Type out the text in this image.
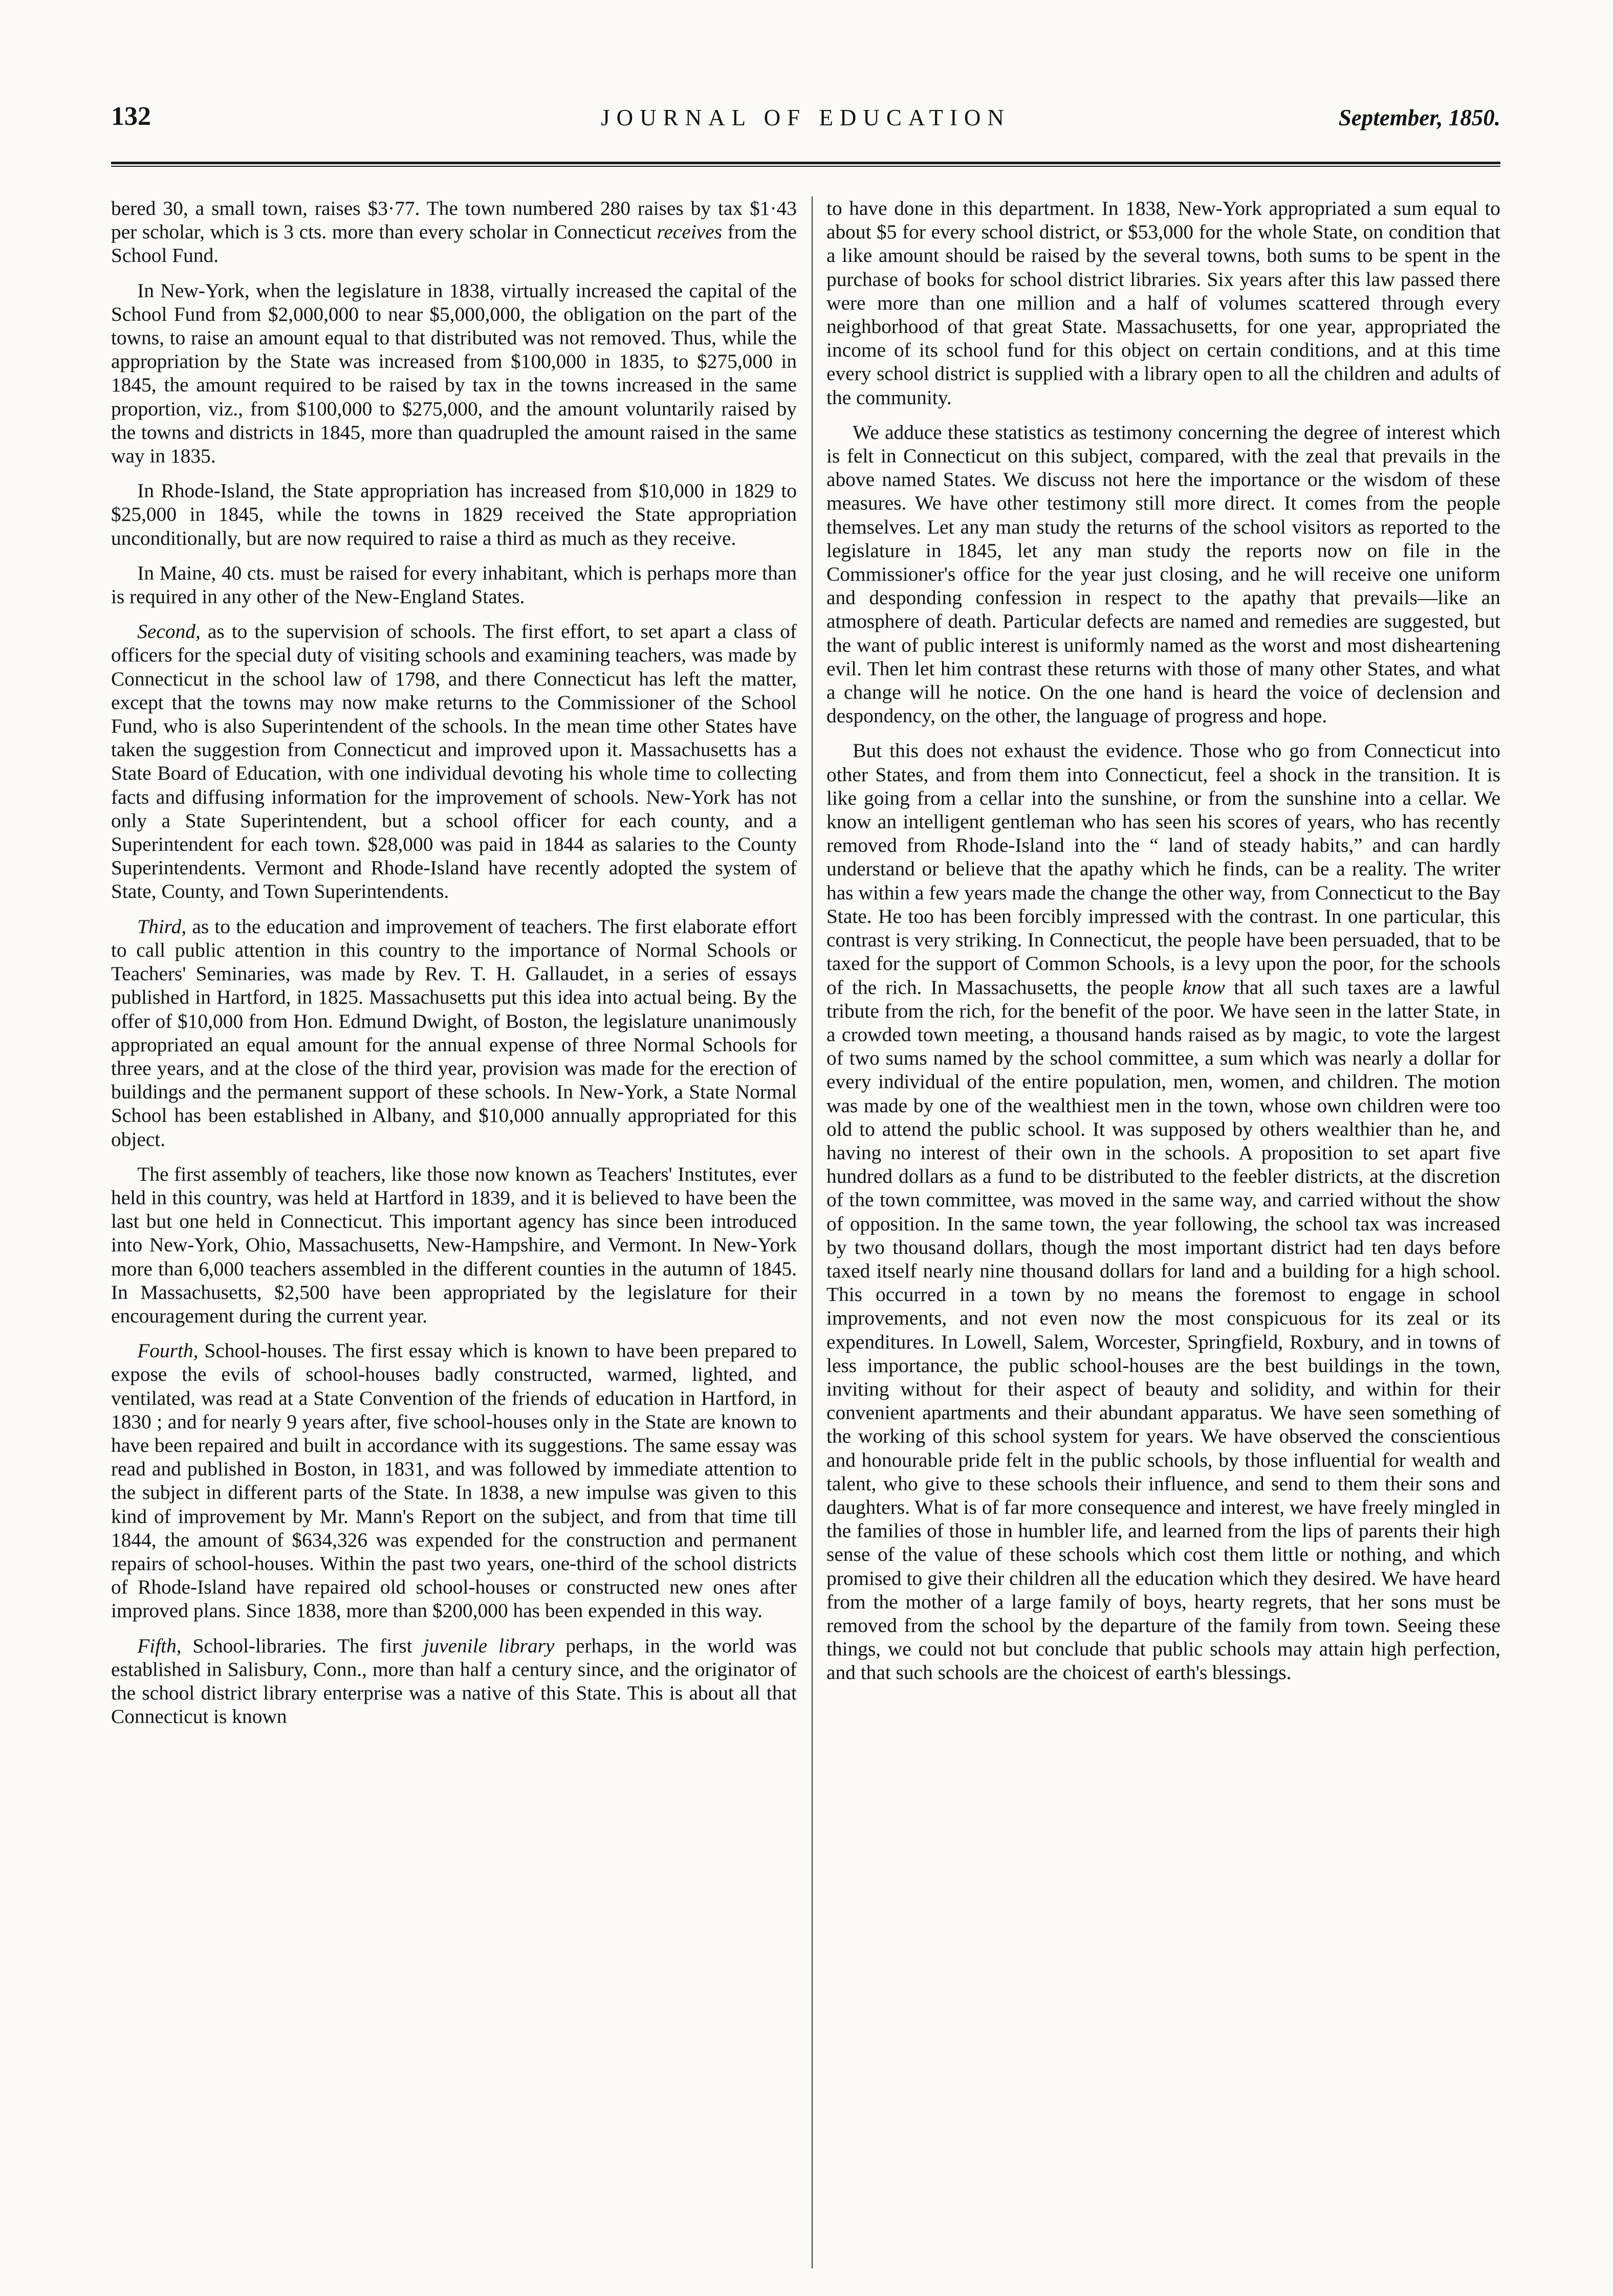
132	JOURNAL OF EDUCATION	September, 1850.

bered 30, a small town, raises $3·77. The town numbered 280 raises by tax $1·43 per scholar, which is 3 cts. more than every scholar in Connecticut receives from the School Fund.

In New-York, when the legislature in 1838, virtually increased the capital of the School Fund from $2,000,000 to near $5,000,000, the obligation on the part of the towns, to raise an amount equal to that distributed was not removed. Thus, while the appropriation by the State was increased from $100,000 in 1835, to $275,000 in 1845, the amount required to be raised by tax in the towns increased in the same proportion, viz., from $100,000 to $275,000, and the amount voluntarily raised by the towns and districts in 1845, more than quadrupled the amount raised in the same way in 1835.

In Rhode-Island, the State appropriation has increased from $10,000 in 1829 to $25,000 in 1845, while the towns in 1829 received the State appropriation unconditionally, but are now required to raise a third as much as they receive.

In Maine, 40 cts. must be raised for every inhabitant, which is perhaps more than is required in any other of the New-England States.

Second, as to the supervision of schools. The first effort, to set apart a class of officers for the special duty of visiting schools and examining teachers, was made by Connecticut in the school law of 1798, and there Connecticut has left the matter, except that the towns may now make returns to the Commissioner of the School Fund, who is also Superintendent of the schools. In the mean time other States have taken the suggestion from Connecticut and improved upon it. Massachusetts has a State Board of Education, with one individual devoting his whole time to collecting facts and diffusing information for the improvement of schools. New-York has not only a State Superintendent, but a school officer for each county, and a Superintendent for each town. $28,000 was paid in 1844 as salaries to the County Superintendents. Vermont and Rhode-Island have recently adopted the system of State, County, and Town Superintendents.

Third, as to the education and improvement of teachers. The first elaborate effort to call public attention in this country to the importance of Normal Schools or Teachers' Seminaries, was made by Rev. T. H. Gallaudet, in a series of essays published in Hartford, in 1825. Massachusetts put this idea into actual being. By the offer of $10,000 from Hon. Edmund Dwight, of Boston, the legislature unanimously appropriated an equal amount for the annual expense of three Normal Schools for three years, and at the close of the third year, provision was made for the erection of buildings and the permanent support of these schools. In New-York, a State Normal School has been established in Albany, and $10,000 annually appropriated for this object.

The first assembly of teachers, like those now known as Teachers' Institutes, ever held in this country, was held at Hartford in 1839, and it is believed to have been the last but one held in Connecticut. This important agency has since been introduced into New-York, Ohio, Massachusetts, New-Hampshire, and Vermont. In New-York more than 6,000 teachers assembled in the different counties in the autumn of 1845. In Massachusetts, $2,500 have been appropriated by the legislature for their encouragement during the current year.

Fourth, School-houses. The first essay which is known to have been prepared to expose the evils of school-houses badly constructed, warmed, lighted, and ventilated, was read at a State Convention of the friends of education in Hartford, in 1830 ; and for nearly 9 years after, five school-houses only in the State are known to have been repaired and built in accordance with its suggestions. The same essay was read and published in Boston, in 1831, and was followed by immediate attention to the subject in different parts of the State. In 1838, a new impulse was given to this kind of improvement by Mr. Mann's Report on the subject, and from that time till 1844, the amount of $634,326 was expended for the construction and permanent repairs of school-houses. Within the past two years, one-third of the school districts of Rhode-Island have repaired old school-houses or constructed new ones after improved plans. Since 1838, more than $200,000 has been expended in this way.

Fifth, School-libraries. The first juvenile library perhaps, in the world was established in Salisbury, Conn., more than half a century since, and the originator of the school district library enterprise was a native of this State. This is about all that Connecticut is known

to have done in this department. In 1838, New-York appropriated a sum equal to about $5 for every school district, or $53,000 for the whole State, on condition that a like amount should be raised by the several towns, both sums to be spent in the purchase of books for school district libraries. Six years after this law passed there were more than one million and a half of volumes scattered through every neighborhood of that great State. Massachusetts, for one year, appropriated the income of its school fund for this object on certain conditions, and at this time every school district is supplied with a library open to all the children and adults of the community.

We adduce these statistics as testimony concerning the degree of interest which is felt in Connecticut on this subject, compared, with the zeal that prevails in the above named States. We discuss not here the importance or the wisdom of these measures. We have other testimony still more direct. It comes from the people themselves. Let any man study the returns of the school visitors as reported to the legislature in 1845, let any man study the reports now on file in the Commissioner's office for the year just closing, and he will receive one uniform and desponding confession in respect to the apathy that prevails—like an atmosphere of death. Particular defects are named and remedies are suggested, but the want of public interest is uniformly named as the worst and most disheartening evil. Then let him contrast these returns with those of many other States, and what a change will he notice. On the one hand is heard the voice of declension and despondency, on the other, the language of progress and hope.

But this does not exhaust the evidence. Those who go from Connecticut into other States, and from them into Connecticut, feel a shock in the transition. It is like going from a cellar into the sunshine, or from the sunshine into a cellar. We know an intelligent gentleman who has seen his scores of years, who has recently removed from Rhode-Island into the “ land of steady habits,” and can hardly understand or believe that the apathy which he finds, can be a reality. The writer has within a few years made the change the other way, from Connecticut to the Bay State. He too has been forcibly impressed with the contrast. In one particular, this contrast is very striking. In Connecticut, the people have been persuaded, that to be taxed for the support of Common Schools, is a levy upon the poor, for the schools of the rich. In Massachusetts, the people know that all such taxes are a lawful tribute from the rich, for the benefit of the poor. We have seen in the latter State, in a crowded town meeting, a thousand hands raised as by magic, to vote the largest of two sums named by the school committee, a sum which was nearly a dollar for every individual of the entire population, men, women, and children. The motion was made by one of the wealthiest men in the town, whose own children were too old to attend the public school. It was supposed by others wealthier than he, and having no interest of their own in the schools. A proposition to set apart five hundred dollars as a fund to be distributed to the feebler districts, at the discretion of the town committee, was moved in the same way, and carried without the show of opposition. In the same town, the year following, the school tax was increased by two thousand dollars, though the most important district had ten days before taxed itself nearly nine thousand dollars for land and a building for a high school. This occurred in a town by no means the foremost to engage in school improvements, and not even now the most conspicuous for its zeal or its expenditures. In Lowell, Salem, Worcester, Springfield, Roxbury, and in towns of less importance, the public school-houses are the best buildings in the town, inviting without for their aspect of beauty and solidity, and within for their convenient apartments and their abundant apparatus. We have seen something of the working of this school system for years. We have observed the conscientious and honourable pride felt in the public schools, by those influential for wealth and talent, who give to these schools their influence, and send to them their sons and daughters. What is of far more consequence and interest, we have freely mingled in the families of those in humbler life, and learned from the lips of parents their high sense of the value of these schools which cost them little or nothing, and which promised to give their children all the education which they desired. We have heard from the mother of a large family of boys, hearty regrets, that her sons must be removed from the school by the departure of the family from town. Seeing these things, we could not but conclude that public schools may attain high perfection, and that such schools are the choicest of earth's blessings.
